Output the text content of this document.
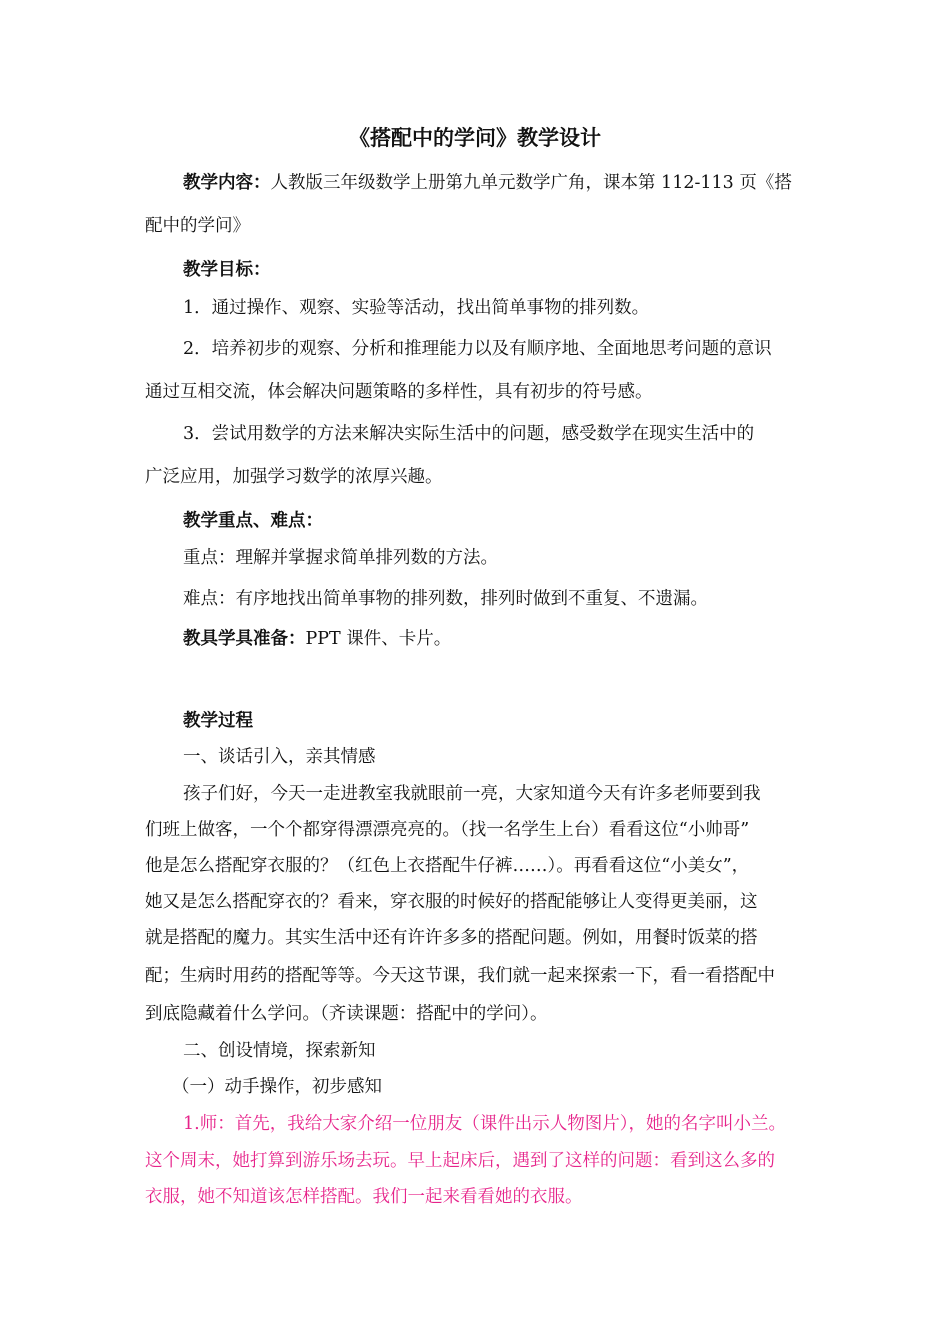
《搭配中的学问》教学设计
教学内容：人教版三年级数学上册第九单元数学广角，课本第 112-113 页《搭
配中的学问》
教学目标：
1．通过操作、观察、实验等活动，找出简单事物的排列数。
2．培养初步的观察、分析和推理能力以及有顺序地、全面地思考问题的意识
通过互相交流，体会解决问题策略的多样性，具有初步的符号感。
3．尝试用数学的方法来解决实际生活中的问题，感受数学在现实生活中的
广泛应用，加强学习数学的浓厚兴趣。
教学重点、难点：
重点：理解并掌握求简单排列数的方法。
难点：有序地找出简单事物的排列数，排列时做到不重复、不遗漏。
教具学具准备：PPT 课件、卡片。
教学过程
一、谈话引入，亲其情感
孩子们好，今天一走进教室我就眼前一亮，大家知道今天有许多老师要到我
们班上做客，一个个都穿得漂漂亮亮的。（找一名学生上台）看看这位“小帅哥”
他是怎么搭配穿衣服的？（红色上衣搭配牛仔裤……）。再看看这位“小美女”，
她又是怎么搭配穿衣的？看来，穿衣服的时候好的搭配能够让人变得更美丽，这
就是搭配的魔力。其实生活中还有许许多多的搭配问题。例如，用餐时饭菜的搭
配；生病时用药的搭配等等。今天这节课，我们就一起来探索一下，看一看搭配中
到底隐藏着什么学问。（齐读课题：搭配中的学问）。
二、创设情境，探索新知
（一）动手操作，初步感知
1.师：首先，我给大家介绍一位朋友（课件出示人物图片），她的名字叫小兰。
这个周末，她打算到游乐场去玩。早上起床后，遇到了这样的问题：看到这么多的
衣服，她不知道该怎样搭配。我们一起来看看她的衣服。
